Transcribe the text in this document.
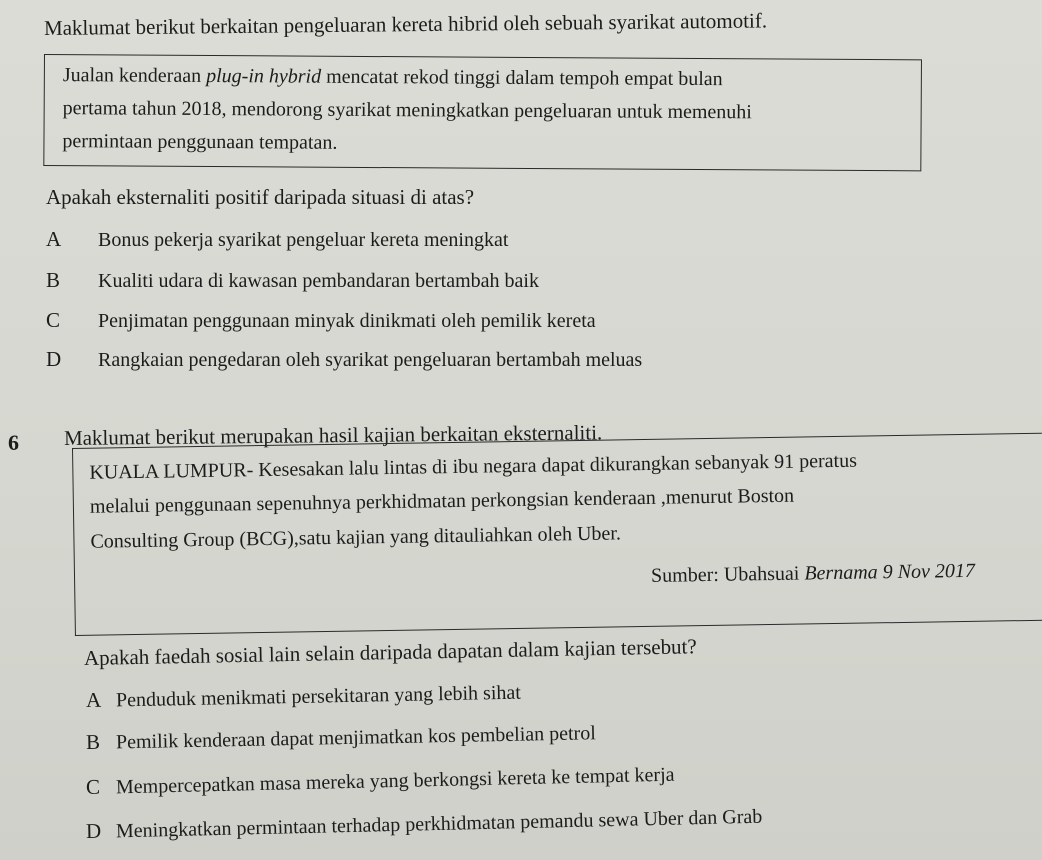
Maklumat berikut berkaitan pengeluaran kereta hibrid oleh sebuah syarikat automotif.
Jualan kenderaan plug-in hybrid mencatat rekod tinggi dalam tempoh empat bulan
pertama tahun 2018, mendorong syarikat meningkatkan pengeluaran untuk memenuhi
permintaan penggunaan tempatan.
Apakah eksternaliti positif daripada situasi di atas?
A Bonus pekerja syarikat pengeluar kereta meningkat
B Kualiti udara di kawasan pembandaran bertambah baik
C Penjimatan penggunaan minyak dinikmati oleh pemilik kereta
D Rangkaian pengedaran oleh syarikat pengeluaran bertambah meluas
6 Maklumat berikut merupakan hasil kajian berkaitan eksternaliti.
KUALA LUMPUR- Kesesakan lalu lintas di ibu negara dapat dikurangkan sebanyak 91 peratus
melalui penggunaan sepenuhnya perkhidmatan perkongsian kenderaan ,menurut Boston
Consulting Group (BCG),satu kajian yang ditauliahkan oleh Uber.
Sumber: Ubahsuai Bernama 9 Nov 2017
Apakah faedah sosial lain selain daripada dapatan dalam kajian tersebut?
A Penduduk menikmati persekitaran yang lebih sihat
B Pemilik kenderaan dapat menjimatkan kos pembelian petrol
C Mempercepatkan masa mereka yang berkongsi kereta ke tempat kerja
D Meningkatkan permintaan terhadap perkhidmatan pemandu sewa Uber dan Grab
